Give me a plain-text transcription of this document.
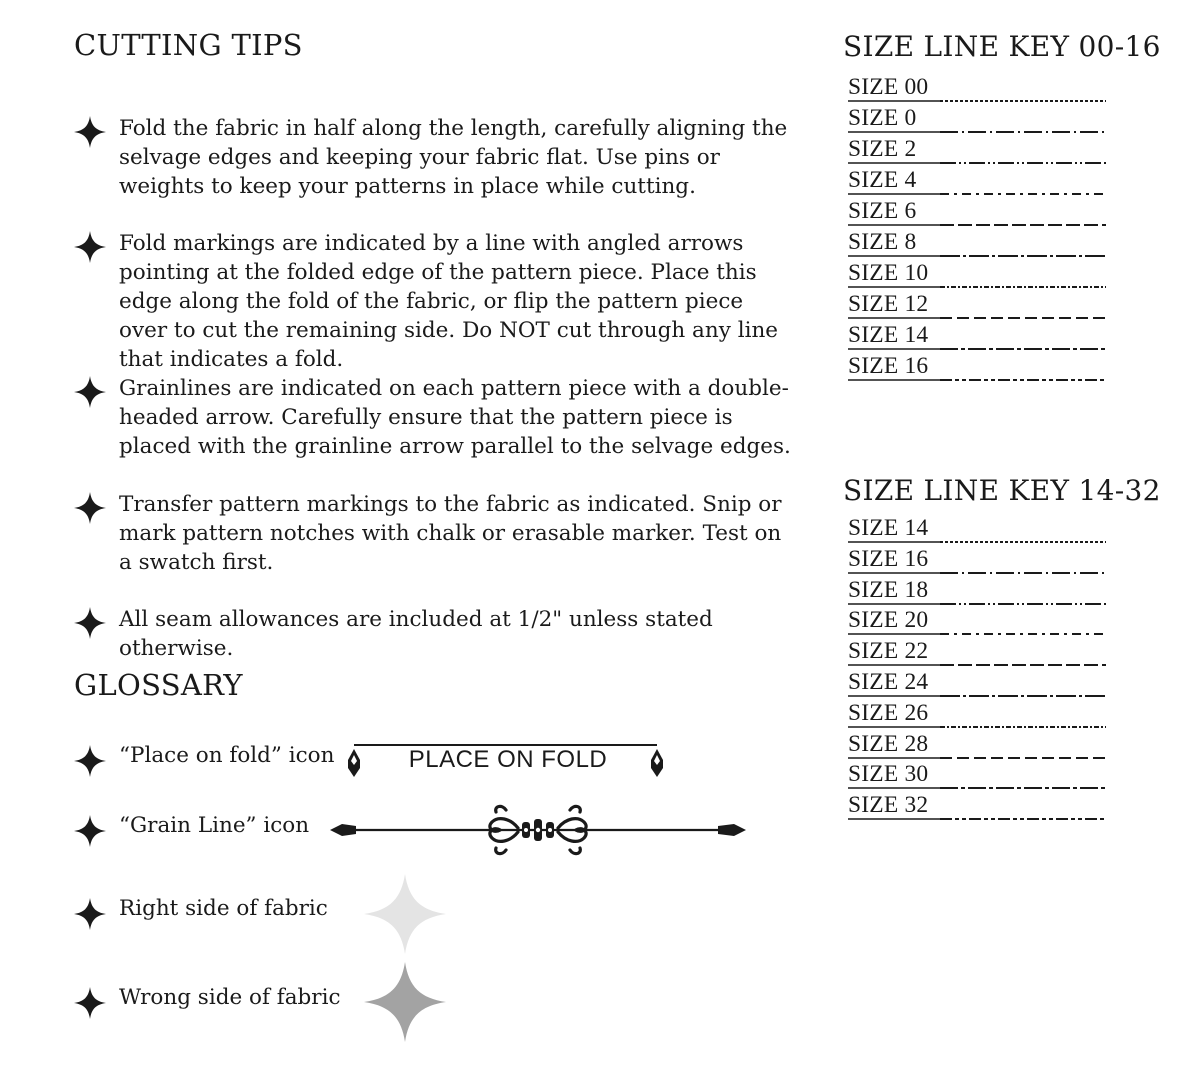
CUTTING TIPS
Fold the fabric in half along the length, carefully aligning the selvage edges and keeping your fabric flat. Use pins or weights to keep your patterns in place while cutting.
Fold markings are indicated by a line with angled arrows pointing at the folded edge of the pattern piece. Place this edge along the fold of the fabric, or flip the pattern piece over to cut the remaining side. Do NOT cut through any line that indicates a fold.
Grainlines are indicated on each pattern piece with a double-headed arrow. Carefully ensure that the pattern piece is placed with the grainline arrow parallel to the selvage edges.
Transfer pattern markings to the fabric as indicated. Snip or mark pattern notches with chalk or erasable marker. Test on a swatch first.
All seam allowances are included at 1/2" unless stated otherwise.
GLOSSARY
“Place on fold” icon	PLACE ON FOLD
“Grain Line” icon
Right side of fabric
Wrong side of fabric
SIZE LINE KEY 00-16
SIZE 00
SIZE 0
SIZE 2
SIZE 4
SIZE 6
SIZE 8
SIZE 10
SIZE 12
SIZE 14
SIZE 16
SIZE LINE KEY 14-32
SIZE 14
SIZE 16
SIZE 18
SIZE 20
SIZE 22
SIZE 24
SIZE 26
SIZE 28
SIZE 30
SIZE 32
